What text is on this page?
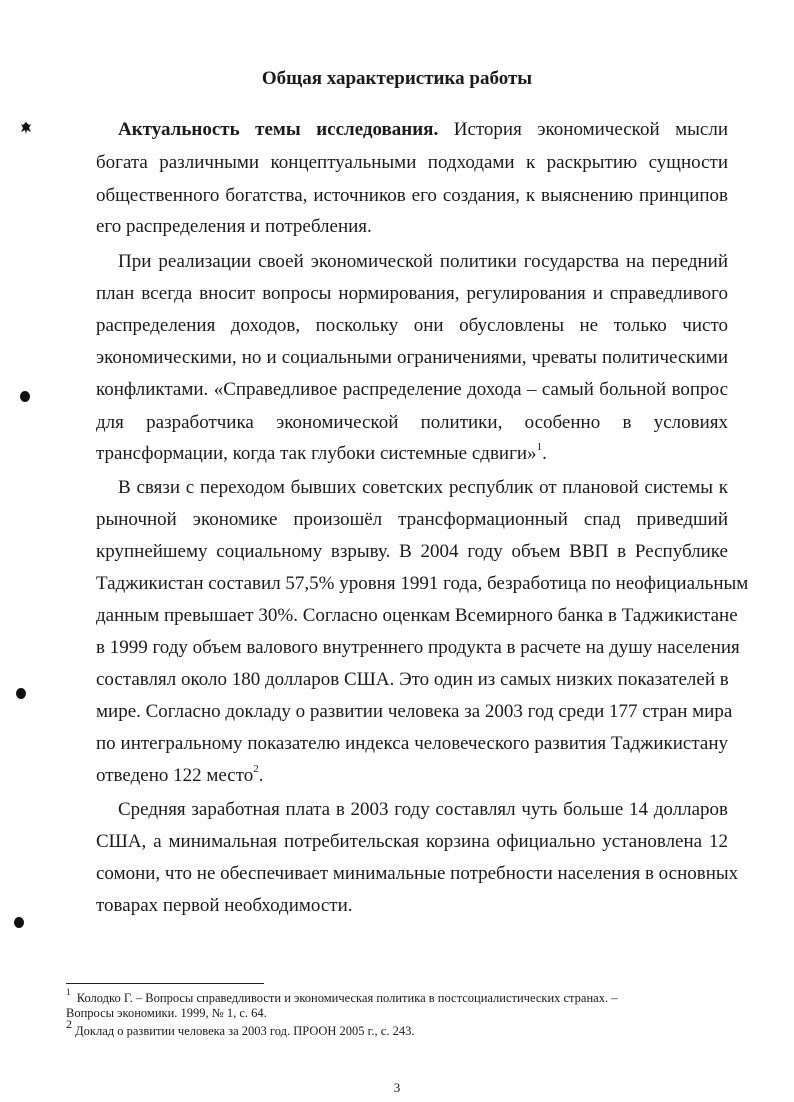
Общая характеристика работы
Актуальность темы исследования. История экономической мысли
богата различными концептуальными подходами к раскрытию сущности
общественного богатства, источников его создания, к выяснению принципов
его распределения и потребления.
При реализации своей экономической политики государства на передний
план всегда вносит вопросы нормирования, регулирования и справедливого
распределения доходов, поскольку они обусловлены не только чисто
экономическими, но и социальными ограничениями, чреваты политическими
конфликтами. «Справедливое распределение дохода – самый больной вопрос
для разработчика экономической политики, особенно в условиях
трансформации, когда так глубоки системные сдвиги»$^1$.
В связи с переходом бывших советских республик от плановой системы к
рыночной экономике произошёл трансформационный спад приведший
крупнейшему социальному взрыву. В 2004 году объем ВВП в Республике
Таджикистан составил 57,5% уровня 1991 года, безработица по неофициальным
данным превышает 30%. Согласно оценкам Всемирного банка в Таджикистане
в 1999 году объем валового внутреннего продукта в расчете на душу населения
составлял около 180 долларов США. Это один из самых низких показателей в
мире. Согласно докладу о развитии человека за 2003 год среди 177 стран мира
по интегральному показателю индекса человеческого развития Таджикистану
отведено 122 место$^2$.
Средняя заработная плата в 2003 году составлял чуть больше 14 долларов
США, а минимальная потребительская корзина официально установлена 12
сомони, что не обеспечивает минимальные потребности населения в основных
товарах первой необходимости.
$^1$ Колодко Г. – Вопросы справедливости и экономическая политика в постсоциалистических странах. –
Вопросы экономики. 1999, № 1, с. 64.
$^2$ Доклад о развитии человека за 2003 год. ПРООН 2005 г., с. 243.
3
